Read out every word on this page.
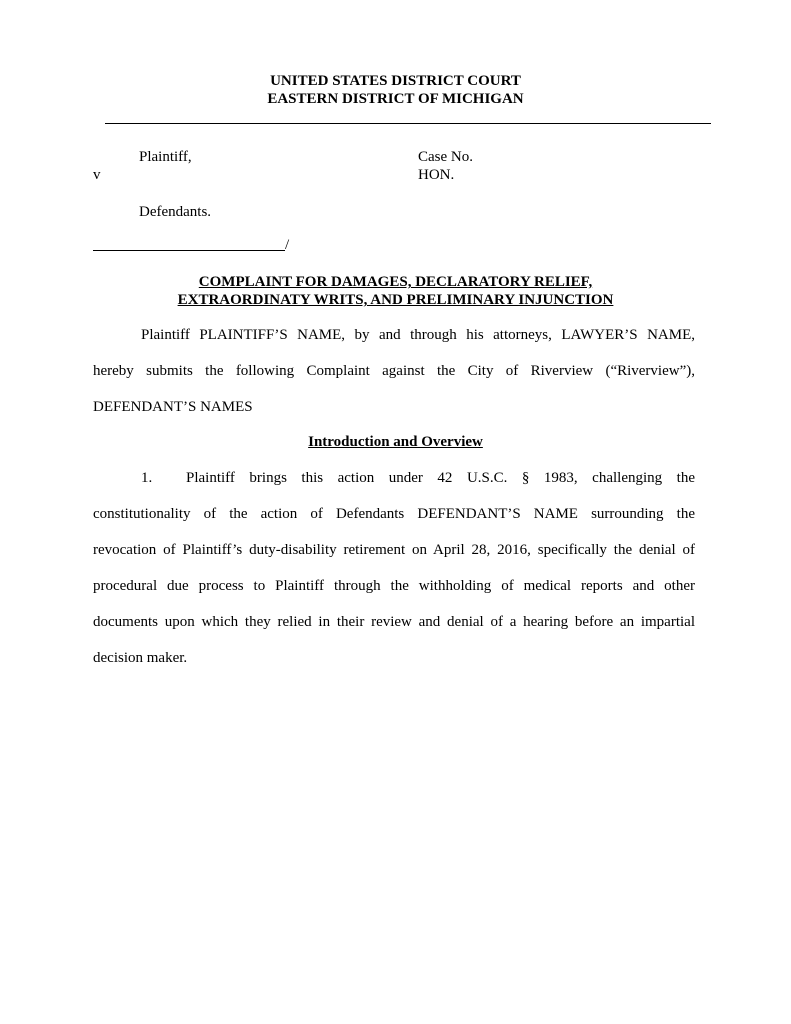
UNITED STATES DISTRICT COURT
EASTERN DISTRICT OF MICHIGAN
Plaintiff,
v
Defendants.
Case No.
HON.
/
COMPLAINT FOR DAMAGES, DECLARATORY RELIEF,
EXTRAORDINATY WRITS, AND PRELIMINARY INJUNCTION
Plaintiff PLAINTIFF’S NAME, by and through his attorneys, LAWYER’S NAME,
hereby submits the following Complaint against the City of Riverview (“Riverview”),
DEFENDANT’S NAMES
Introduction and Overview
1.	Plaintiff brings this action under 42 U.S.C. § 1983, challenging the
constitutionality of the action of Defendants DEFENDANT’S NAME surrounding the
revocation of Plaintiff’s duty-disability retirement on April 28, 2016, specifically the denial of
procedural due process to Plaintiff through the withholding of medical reports and other
documents upon which they relied in their review and denial of a hearing before an impartial
decision maker.
